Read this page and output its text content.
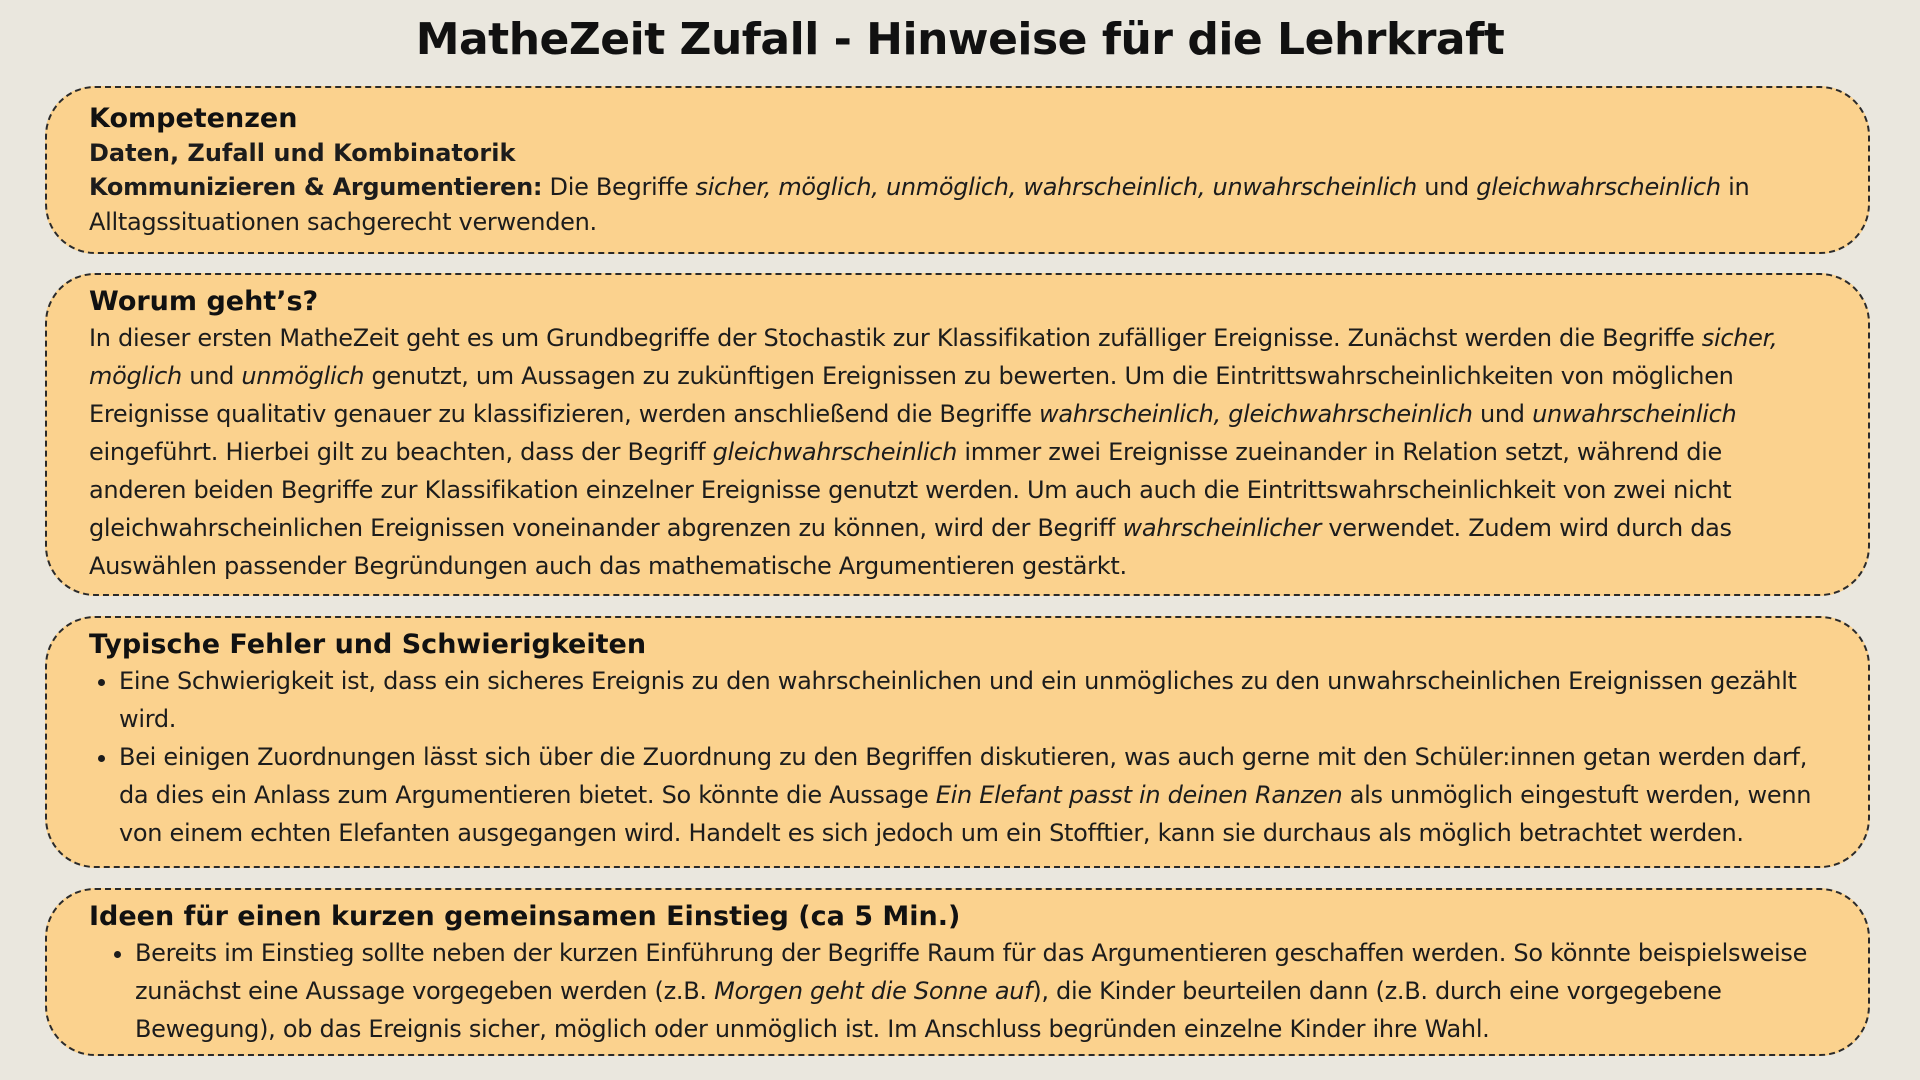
MatheZeit Zufall - Hinweise für die Lehrkraft
Kompetenzen
Daten, Zufall und Kombinatorik

Kommunizieren & Argumentieren: Die Begriffe sicher, möglich, unmöglich, wahrscheinlich, unwahrscheinlich und gleichwahrscheinlich in Alltagssituationen sachgerecht verwenden.

Worum geht’s?

In dieser ersten MatheZeit geht es um Grundbegriffe der Stochastik zur Klassifikation zufälliger Ereignisse. Zunächst werden die Begriffe sicher, möglich und unmöglich genutzt, um Aussagen zu zukünftigen Ereignissen zu bewerten. Um die Eintrittswahrscheinlichkeiten von möglichen Ereignisse qualitativ genauer zu klassifizieren, werden anschließend die Begriffe wahrscheinlich, gleichwahrscheinlich und unwahrscheinlich eingeführt. Hierbei gilt zu beachten, dass der Begriff gleichwahrscheinlich immer zwei Ereignisse zueinander in Relation setzt, während die anderen beiden Begriffe zur Klassifikation einzelner Ereignisse genutzt werden. Um auch auch die Eintrittswahrscheinlichkeit von zwei nicht gleichwahrscheinlichen Ereignissen voneinander abgrenzen zu können, wird der Begriff wahrscheinlicher verwendet. Zudem wird durch das Auswählen passender Begründungen auch das mathematische Argumentieren gestärkt.

Typische Fehler und Schwierigkeiten
• Eine Schwierigkeit ist, dass ein sicheres Ereignis zu den wahrscheinlichen und ein unmögliches zu den unwahrscheinlichen Ereignissen gezählt wird.
• Bei einigen Zuordnungen lässt sich über die Zuordnung zu den Begriffen diskutieren, was auch gerne mit den Schüler:innen getan werden darf, da dies ein Anlass zum Argumentieren bietet. So könnte die Aussage Ein Elefant passt in deinen Ranzen als unmöglich eingestuft werden, wenn von einem echten Elefanten ausgegangen wird. Handelt es sich jedoch um ein Stofftier, kann sie durchaus als möglich betrachtet werden.
Ideen für einen kurzen gemeinsamen Einstieg (ca 5 Min.)
• Bereits im Einstieg sollte neben der kurzen Einführung der Begriffe Raum für das Argumentieren geschaffen werden. So könnte beispielsweise zunächst eine Aussage vorgegeben werden (z.B. Morgen geht die Sonne auf), die Kinder beurteilen dann (z.B. durch eine vorgegebene Bewegung), ob das Ereignis sicher, möglich oder unmöglich ist. Im Anschluss begründen einzelne Kinder ihre Wahl.
